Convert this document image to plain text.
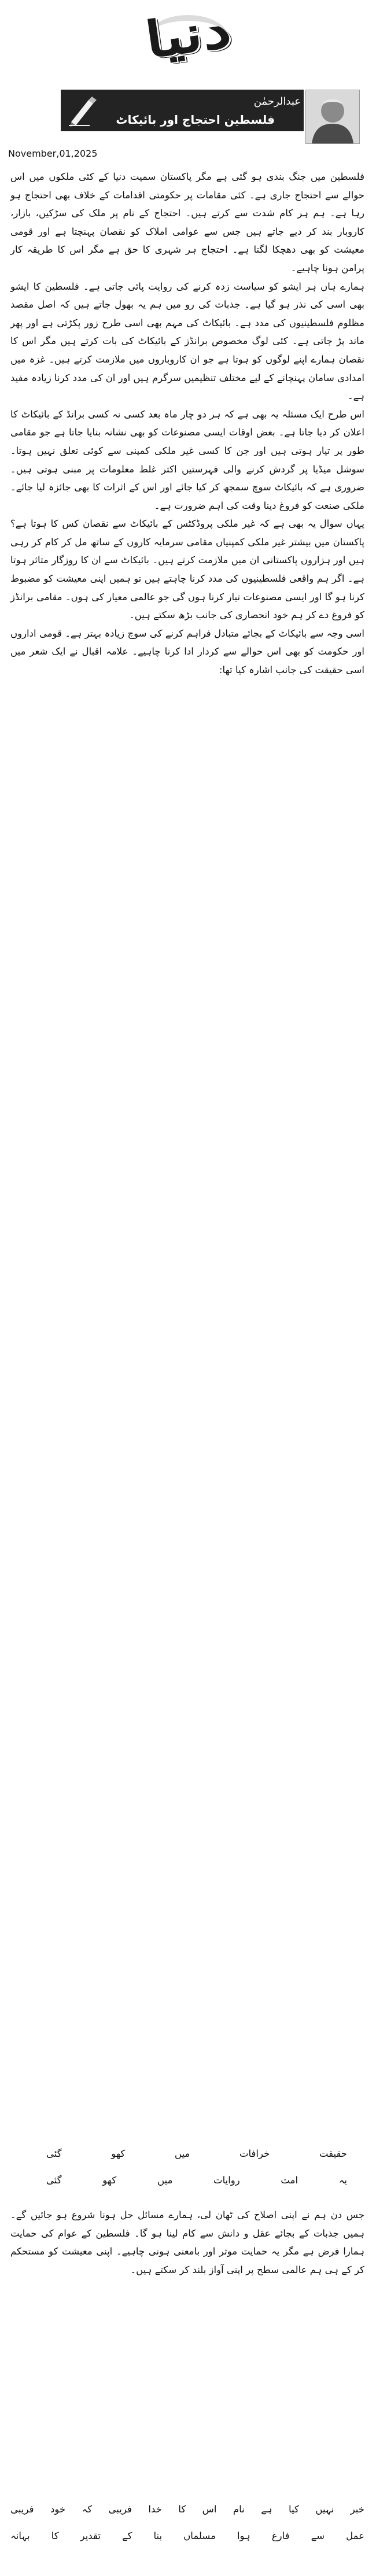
دنیا
عبدالرحمٰن
فلسطین احتجاج اور بائیکاٹ
November,01,2025

فلسطین میں جنگ بندی ہو گئی ہے مگر پاکستان سمیت دنیا کے کئی ملکوں میں اس حوالے سے احتجاج جاری ہے۔ کئی مقامات پر حکومتی اقدامات کے خلاف بھی احتجاج ہو رہا ہے۔ ہم ہر کام شدت سے کرتے ہیں۔ احتجاج کے نام پر ملک کی سڑکیں، بازار، کاروبار بند کر دیے جاتے ہیں جس سے عوامی املاک کو نقصان پہنچتا ہے اور قومی معیشت کو بھی دھچکا لگتا ہے۔ احتجاج ہر شہری کا حق ہے مگر اس کا طریقہ کار پرامن ہونا چاہیے۔

ہمارے ہاں ہر ایشو کو سیاست زدہ کرنے کی روایت پائی جاتی ہے۔ فلسطین کا ایشو بھی اسی کی نذر ہو گیا ہے۔ جذبات کی رو میں ہم یہ بھول جاتے ہیں کہ اصل مقصد مظلوم فلسطینیوں کی مدد ہے۔ بائیکاٹ کی مہم بھی اسی طرح زور پکڑتی ہے اور پھر ماند پڑ جاتی ہے۔ کئی لوگ مخصوص برانڈز کے بائیکاٹ کی بات کرتے ہیں مگر اس کا نقصان ہمارے اپنے لوگوں کو ہوتا ہے جو ان کاروباروں میں ملازمت کرتے ہیں۔ غزہ میں امدادی سامان پہنچانے کے لیے مختلف تنظیمیں سرگرم ہیں اور ان کی مدد کرنا زیادہ مفید ہے۔

اس طرح ایک مسئلہ یہ بھی ہے کہ ہر دو چار ماہ بعد کسی نہ کسی برانڈ کے بائیکاٹ کا اعلان کر دیا جاتا ہے۔ بعض اوقات ایسی مصنوعات کو بھی نشانہ بنایا جاتا ہے جو مقامی طور پر تیار ہوتی ہیں اور جن کا کسی غیر ملکی کمپنی سے کوئی تعلق نہیں ہوتا۔ سوشل میڈیا پر گردش کرنے والی فہرستیں اکثر غلط معلومات پر مبنی ہوتی ہیں۔ ضروری ہے کہ بائیکاٹ سوچ سمجھ کر کیا جائے اور اس کے اثرات کا بھی جائزہ لیا جائے۔ ملکی صنعت کو فروغ دینا وقت کی اہم ضرورت ہے۔

یہاں سوال یہ بھی ہے کہ غیر ملکی پروڈکٹس کے بائیکاٹ سے نقصان کس کا ہوتا ہے؟ پاکستان میں بیشتر غیر ملکی کمپنیاں مقامی سرمایہ کاروں کے ساتھ مل کر کام کر رہی ہیں اور ہزاروں پاکستانی ان میں ملازمت کرتے ہیں۔ بائیکاٹ سے ان کا روزگار متاثر ہوتا ہے۔ اگر ہم واقعی فلسطینیوں کی مدد کرنا چاہتے ہیں تو ہمیں اپنی معیشت کو مضبوط کرنا ہو گا اور ایسی مصنوعات تیار کرنا ہوں گی جو عالمی معیار کی ہوں۔ مقامی برانڈز کو فروغ دے کر ہم خود انحصاری کی جانب بڑھ سکتے ہیں۔

اسی وجہ سے بائیکاٹ کے بجائے متبادل فراہم کرنے کی سوچ زیادہ بہتر ہے۔ قومی اداروں اور حکومت کو بھی اس حوالے سے کردار ادا کرنا چاہیے۔ علامہ اقبال نے ایک شعر میں اسی حقیقت کی جانب اشارہ کیا تھا:

حقیقت
خرافات
میں
کھو
گئی
یہ
امت
روایات
میں
کھو
گئی
جس دن ہم نے اپنی اصلاح کی ٹھان لی، ہمارے مسائل حل ہونا شروع ہو جائیں گے۔ ہمیں جذبات کے بجائے عقل و دانش سے کام لینا ہو گا۔ فلسطین کے عوام کی حمایت ہمارا فرض ہے مگر یہ حمایت موثر اور بامعنی ہونی چاہیے۔ اپنی معیشت کو مستحکم کر کے ہی ہم عالمی سطح پر اپنی آواز بلند کر سکتے ہیں۔
خبر
نہیں
کیا
ہے
نام
اس
کا
خدا
فریبی
کہ
خود
فریبی
عمل
سے
فارغ
ہوا
مسلماں
بنا
کے
تقدیر
کا
بہانہ
